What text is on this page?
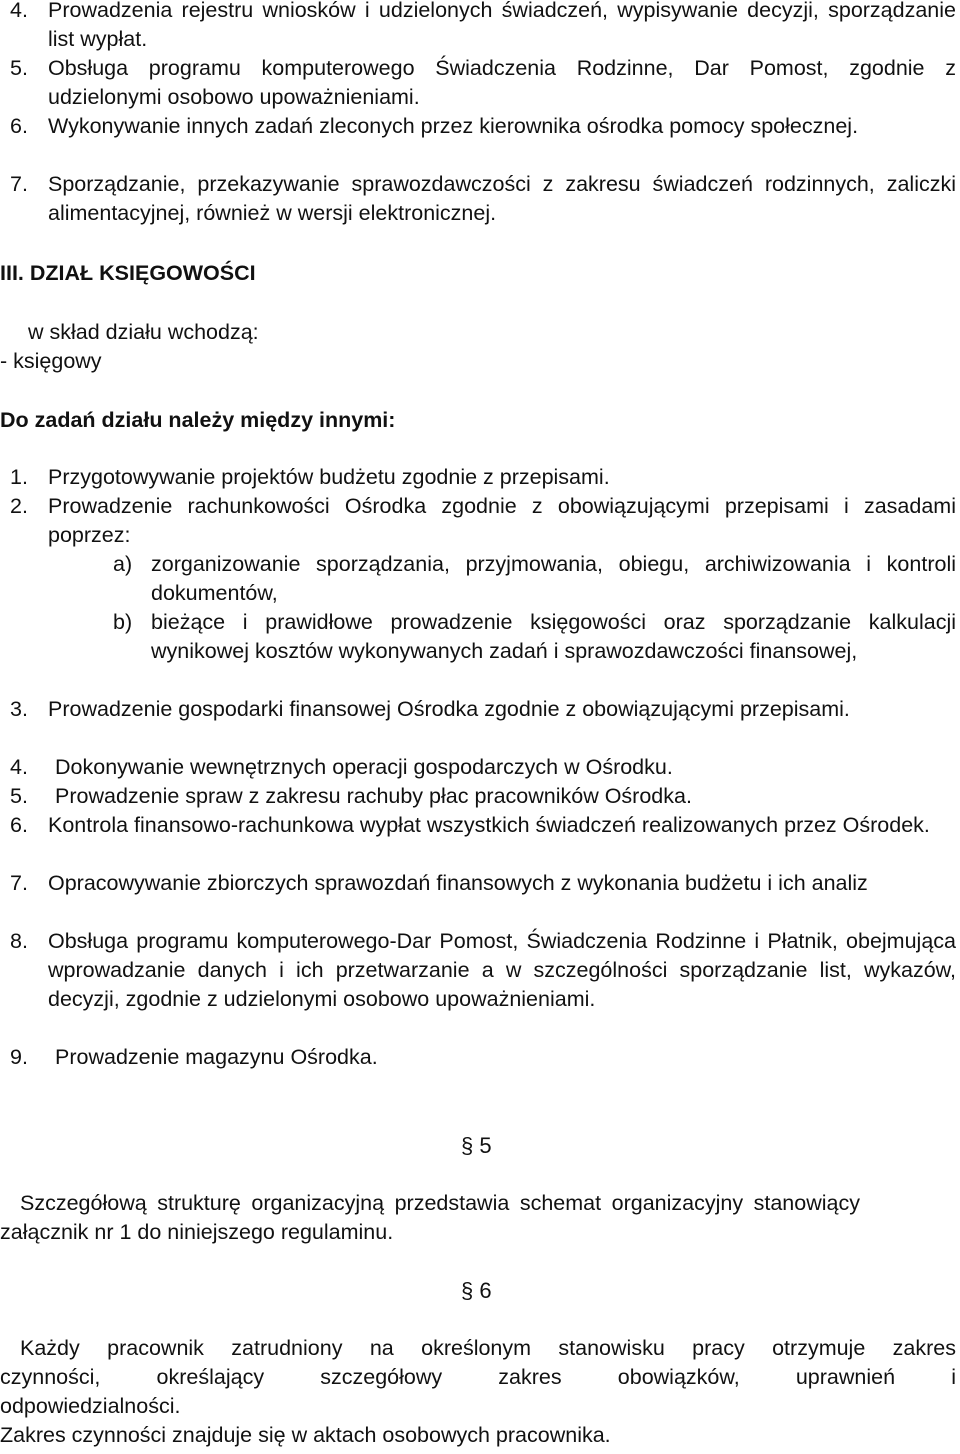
4. Prowadzenia rejestru wniosków i udzielonych świadczeń, wypisywanie decyzji, sporządzanie list wypłat.
5. Obsługa programu komputerowego Świadczenia Rodzinne, Dar Pomost, zgodnie z udzielonymi osobowo upoważnieniami.
6. Wykonywanie innych zadań zleconych przez kierownika ośrodka pomocy społecznej.
7. Sporządzanie, przekazywanie sprawozdawczości z zakresu świadczeń rodzinnych, zaliczki alimentacyjnej, również w wersji elektronicznej.
III. DZIAŁ KSIĘGOWOŚCI
w skład działu wchodzą:
- księgowy
Do zadań działu należy między innymi:
1. Przygotowywanie projektów budżetu zgodnie z przepisami.
2. Prowadzenie rachunkowości Ośrodka zgodnie z obowiązującymi przepisami i zasadami poprzez:
a) zorganizowanie sporządzania, przyjmowania, obiegu, archiwizowania i kontroli dokumentów,
b) bieżące i prawidłowe prowadzenie księgowości oraz sporządzanie kalkulacji wynikowej kosztów wykonywanych zadań i sprawozdawczości finansowej,
3. Prowadzenie gospodarki finansowej Ośrodka zgodnie z obowiązującymi przepisami.
4. Dokonywanie wewnętrznych operacji gospodarczych w Ośrodku.
5. Prowadzenie spraw z zakresu rachuby płac pracowników Ośrodka.
6. Kontrola finansowo-rachunkowa wypłat wszystkich świadczeń realizowanych przez Ośrodek.
7. Opracowywanie zbiorczych sprawozdań finansowych z wykonania budżetu i ich analiz
8. Obsługa programu komputerowego-Dar Pomost, Świadczenia Rodzinne i Płatnik, obejmująca wprowadzanie danych i ich przetwarzanie a w szczególności sporządzanie list, wykazów, decyzji, zgodnie z udzielonymi osobowo upoważnieniami.
9. Prowadzenie magazynu Ośrodka.
§ 5
Szczegółową strukturę organizacyjną przedstawia schemat organizacyjny stanowiący załącznik nr 1 do niniejszego regulaminu.
§ 6
Każdy pracownik zatrudniony na określonym stanowisku pracy otrzymuje zakres
czynności, określający szczegółowy zakres obowiązków, uprawnień i
odpowiedzialności.
Zakres czynności znajduje się w aktach osobowych pracownika.
